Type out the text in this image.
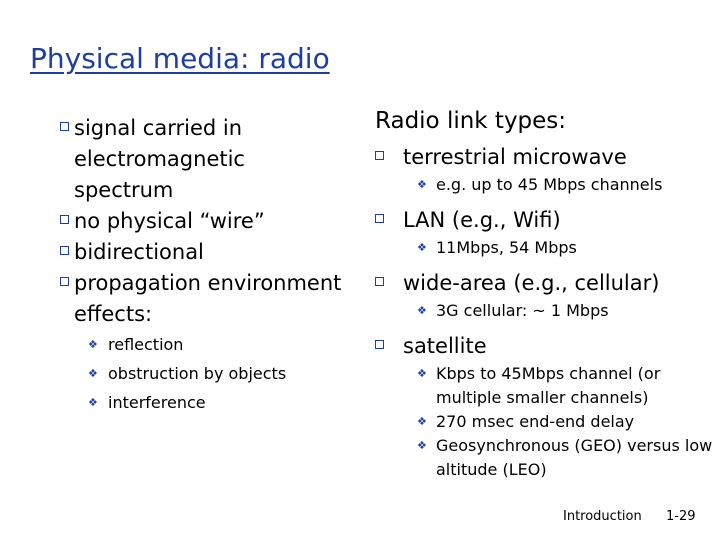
Physical media: radio
signal carried in electromagnetic spectrum
no physical “wire”
bidirectional
propagation environment effects:
❖ reflection
❖ obstruction by objects
❖ interference
Radio link types:
terrestrial microwave
❖ e.g. up to 45 Mbps channels
LAN (e.g., Wifi)
❖ 11Mbps, 54 Mbps
wide-area (e.g., cellular)
❖ 3G cellular: ~ 1 Mbps
satellite
❖ Kbps to 45Mbps channel (or multiple smaller channels)
❖ 270 msec end-end delay
❖ Geosynchronous (GEO) versus low altitude (LEO)
Introduction 1-29
